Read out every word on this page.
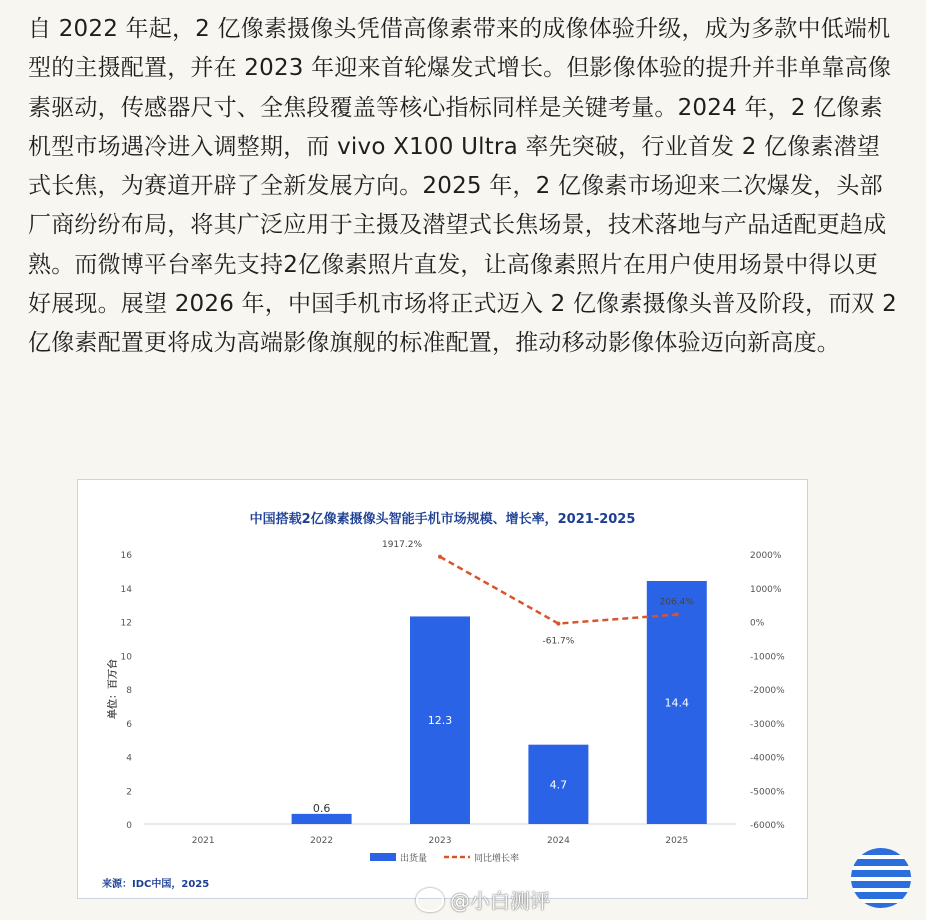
自 2022 年起，2 亿像素摄像头凭借高像素带来的成像体验升级，成为多款中低端机型的主摄配置，并在 2023 年迎来首轮爆发式增长。但影像体验的提升并非单靠高像素驱动，传感器尺寸、全焦段覆盖等核心指标同样是关键考量。2024 年，2 亿像素机型市场遇冷进入调整期，而 vivo X100 Ultra 率先突破，行业首发 2 亿像素潜望式长焦，为赛道开辟了全新发展方向。2025 年，2 亿像素市场迎来二次爆发，头部厂商纷纷布局，将其广泛应用于主摄及潜望式长焦场景，技术落地与产品适配更趋成熟。而微博平台率先支持2亿像素照片直发，让高像素照片在用户使用场景中得以更好展现。展望 2026 年，中国手机市场将正式迈入 2 亿像素摄像头普及阶段，而双 2 亿像素配置更将成为高端影像旗舰的标准配置，推动移动影像体验迈向新高度。

中国搭载2亿像素摄像头智能手机市场规模、增长率，2021-2025
0
2
4
6
8
10
12
14
16
-6000%
-5000%
-4000%
-3000%
-2000%
-1000%
0%
1000%
2000%
单位：百万台
2021	2022	2023	2024	2025
0.6
12.3
4.7
14.4
1917.2%
-61.7%
206.4%
出货量	同比增长率
来源：IDC中国，2025
@小白测评
